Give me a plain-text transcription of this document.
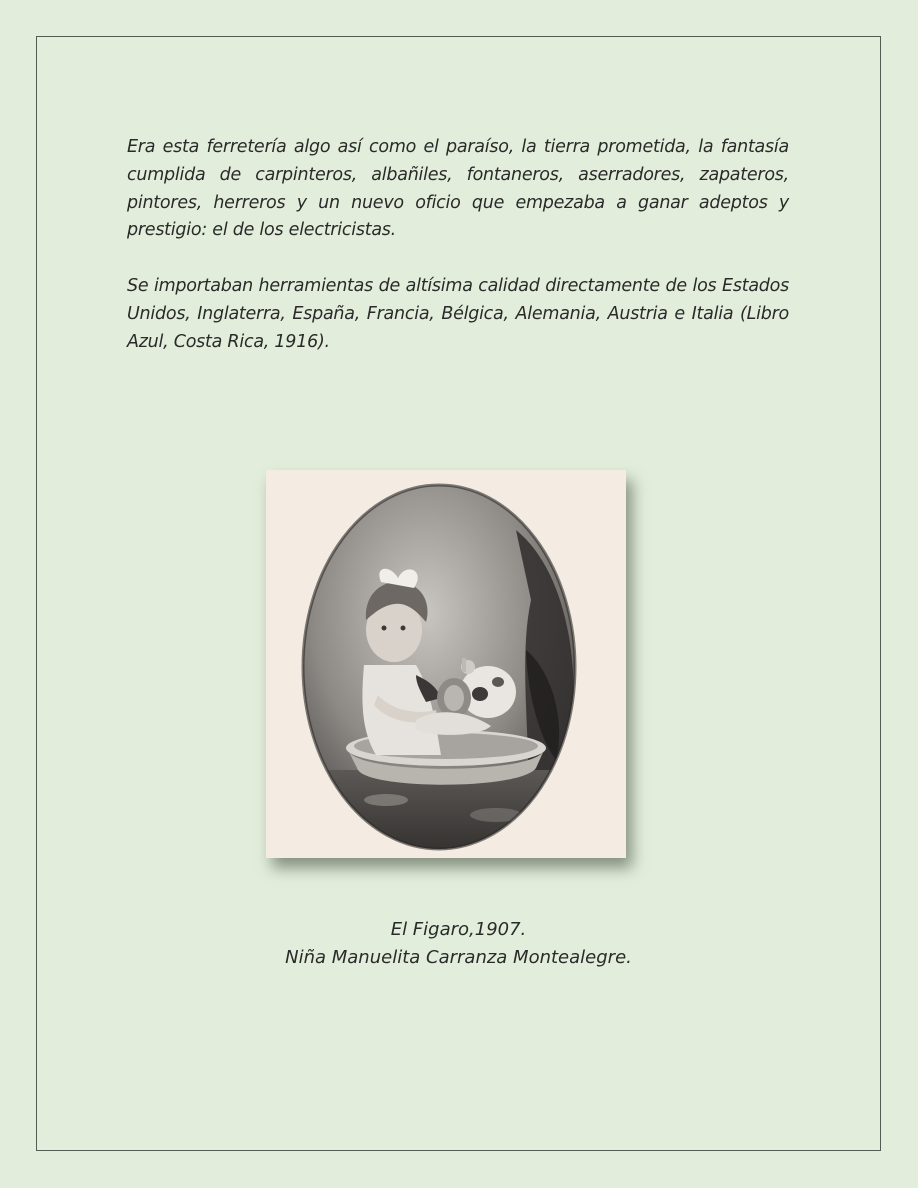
Era esta ferretería algo así como el paraíso, la tierra prometida, la fantasía cumplida de carpinteros, albañiles, fontaneros, aserradores, zapateros, pintores, herreros y un nuevo oficio que empezaba a ganar adeptos y prestigio: el de los electricistas.

Se importaban herramientas de altísima calidad directamente de los Estados Unidos, Inglaterra, España, Francia, Bélgica, Alemania, Austria e Italia (Libro Azul, Costa Rica, 1916).

El Figaro,1907.
Niña Manuelita Carranza Montealegre.
